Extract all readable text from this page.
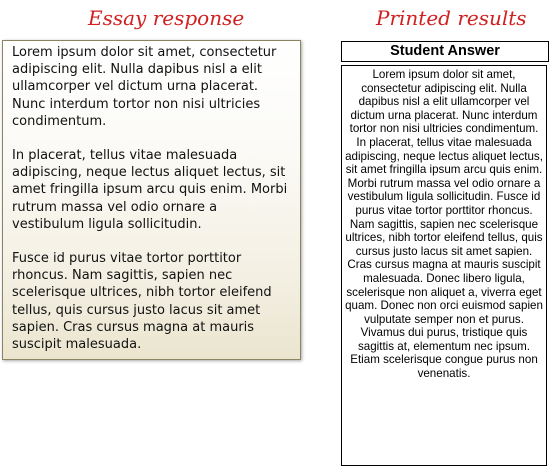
Essay response	Printed results

Lorem ipsum dolor sit amet, consectetur adipiscing elit. Nulla dapibus nisl a elit ullamcorper vel dictum urna placerat. Nunc interdum tortor non nisi ultricies condimentum.

In placerat, tellus vitae malesuada adipiscing, neque lectus aliquet lectus, sit amet fringilla ipsum arcu quis enim. Morbi rutrum massa vel odio ornare a vestibulum ligula sollicitudin.

Fusce id purus vitae tortor porttitor rhoncus. Nam sagittis, sapien nec scelerisque ultrices, nibh tortor eleifend tellus, quis cursus justo lacus sit amet sapien. Cras cursus magna at mauris suscipit malesuada.

Student Answer
Lorem ipsum dolor sit amet, consectetur adipiscing elit. Nulla dapibus nisl a elit ullamcorper vel dictum urna placerat. Nunc interdum tortor non nisi ultricies condimentum. In placerat, tellus vitae malesuada adipiscing, neque lectus aliquet lectus, sit amet fringilla ipsum arcu quis enim. Morbi rutrum massa vel odio ornare a vestibulum ligula sollicitudin. Fusce id purus vitae tortor porttitor rhoncus. Nam sagittis, sapien nec scelerisque ultrices, nibh tortor eleifend tellus, quis cursus justo lacus sit amet sapien. Cras cursus magna at mauris suscipit malesuada. Donec libero ligula, scelerisque non aliquet a, viverra eget quam. Donec non orci euismod sapien vulputate semper non et purus. Vivamus dui purus, tristique quis sagittis at, elementum nec ipsum. Etiam scelerisque congue purus non venenatis.
